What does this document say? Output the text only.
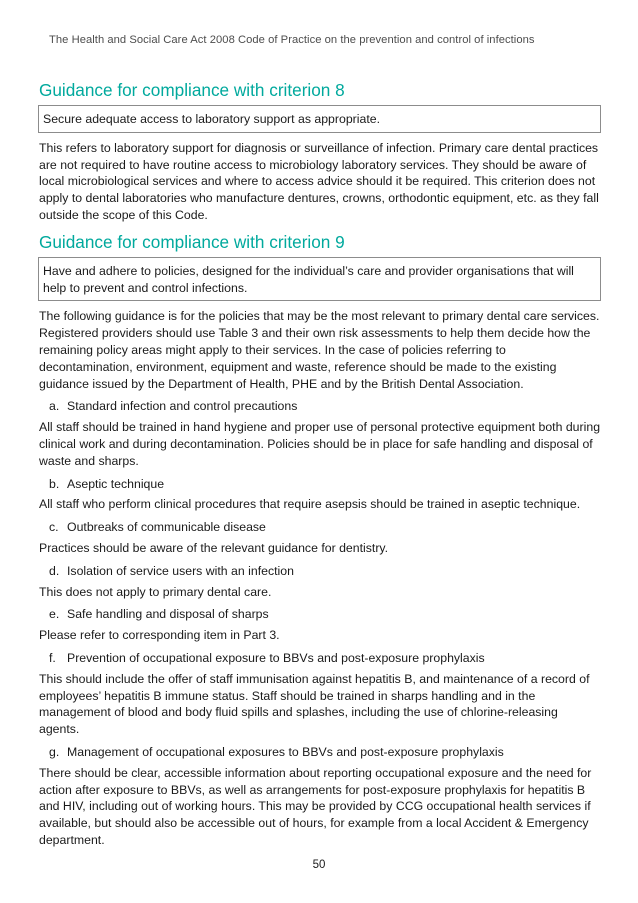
The Health and Social Care Act 2008 Code of Practice on the prevention and control of infections
Guidance for compliance with criterion 8
Secure adequate access to laboratory support as appropriate.

This refers to laboratory support for diagnosis or surveillance of infection. Primary care dental practices are not required to have routine access to microbiology laboratory services. They should be aware of local microbiological services and where to access advice should it be required. This criterion does not apply to dental laboratories who manufacture dentures, crowns, orthodontic equipment, etc. as they fall outside the scope of this Code.

Guidance for compliance with criterion 9
Have and adhere to policies, designed for the individual’s care and provider organisations that will help to prevent and control infections.

The following guidance is for the policies that may be the most relevant to primary dental care services. Registered providers should use Table 3 and their own risk assessments to help them decide how the remaining policy areas might apply to their services. In the case of policies referring to decontamination, environment, equipment and waste, reference should be made to the existing guidance issued by the Department of Health, PHE and by the British Dental Association.

a. Standard infection and control precautions

All staff should be trained in hand hygiene and proper use of personal protective equipment both during clinical work and during decontamination. Policies should be in place for safe handling and disposal of waste and sharps.

b. Aseptic technique

All staff who perform clinical procedures that require asepsis should be trained in aseptic technique.

c. Outbreaks of communicable disease

Practices should be aware of the relevant guidance for dentistry.

d. Isolation of service users with an infection

This does not apply to primary dental care.

e. Safe handling and disposal of sharps

Please refer to corresponding item in Part 3.

f. Prevention of occupational exposure to BBVs and post-exposure prophylaxis

This should include the offer of staff immunisation against hepatitis B, and maintenance of a record of employees’ hepatitis B immune status. Staff should be trained in sharps handling and in the management of blood and body fluid spills and splashes, including the use of chlorine-releasing agents.

g. Management of occupational exposures to BBVs and post-exposure prophylaxis

There should be clear, accessible information about reporting occupational exposure and the need for action after exposure to BBVs, as well as arrangements for post-exposure prophylaxis for hepatitis B and HIV, including out of working hours. This may be provided by CCG occupational health services if available, but should also be accessible out of hours, for example from a local Accident & Emergency department.

50
